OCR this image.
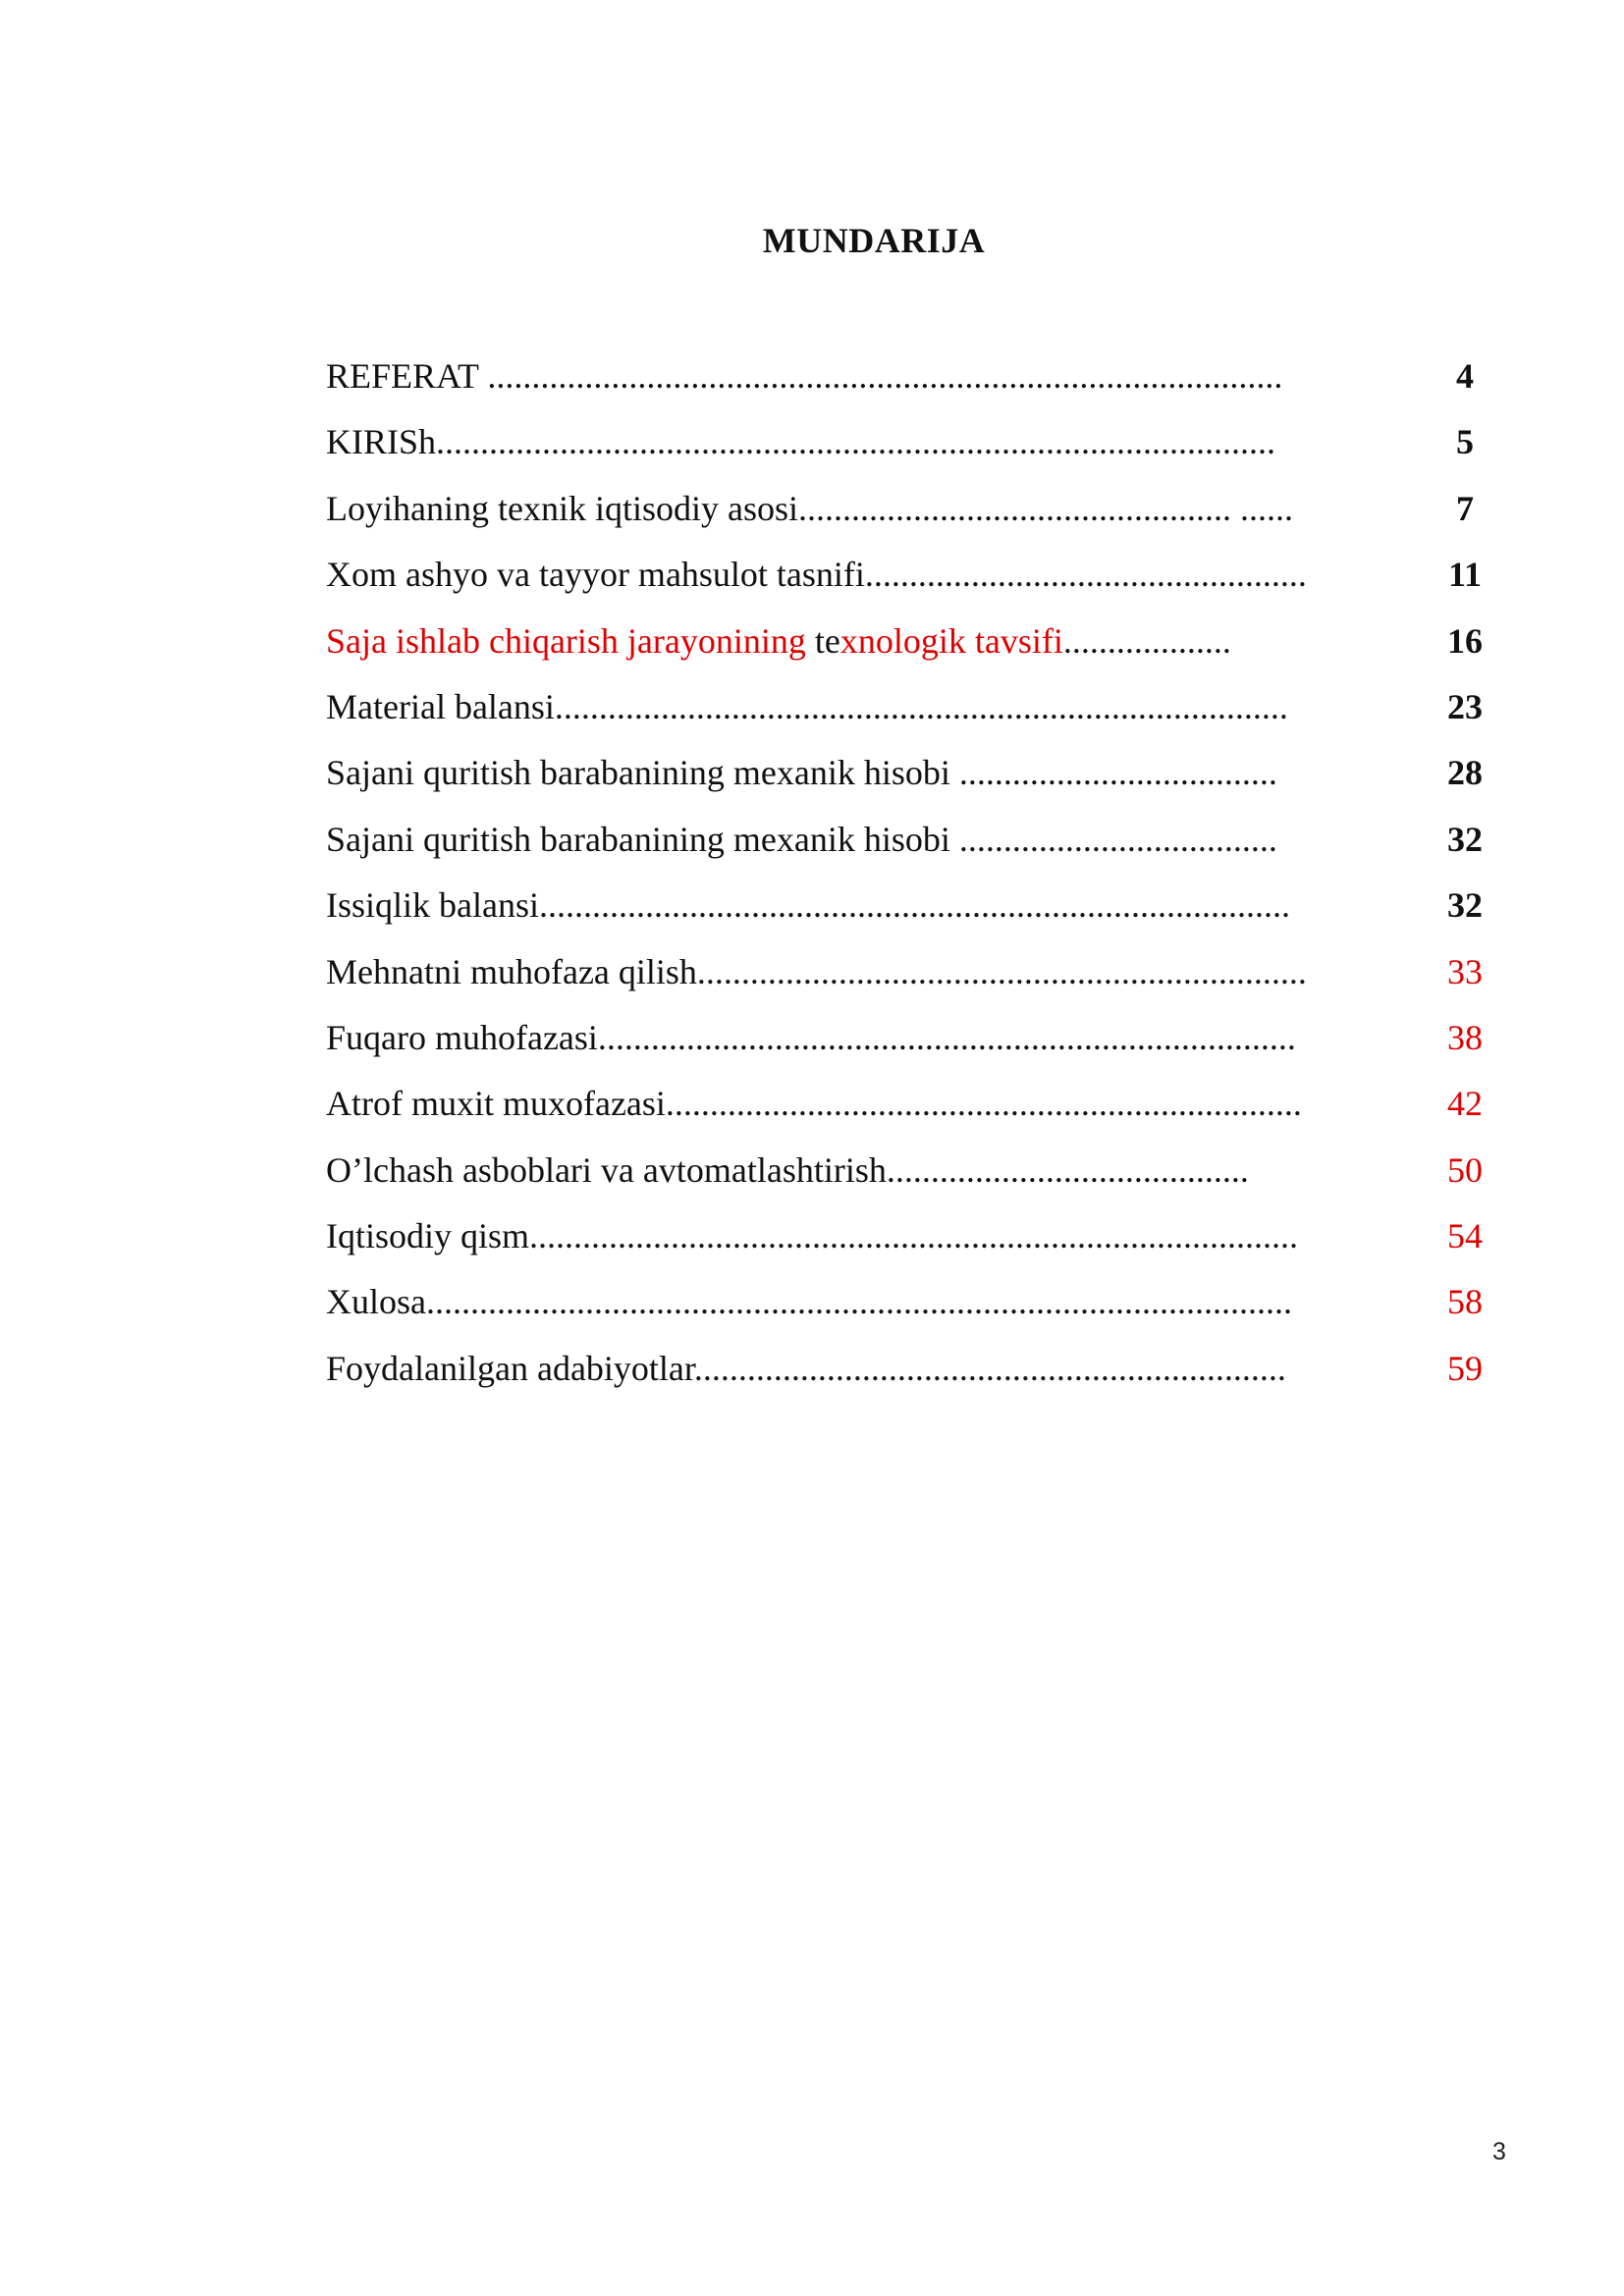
MUNDARIJA
REFERAT ..........................................................................................	4
KIRISh...............................................................................................	5
Loyihaning texnik iqtisodiy asosi................................................. ......	7
Xom ashyo va tayyor mahsulot tasnifi..................................................	11
Saja ishlab chiqarish jarayonining texnologik tavsifi...................	16
Material balansi...................................................................................	23
Sajani quritish barabanining mexanik hisobi ....................................	28
Sajani quritish barabanining mexanik hisobi ....................................	32
Issiqlik balansi.....................................................................................	32
Mehnatni muhofaza qilish.....................................................................	33
Fuqaro muhofazasi...............................................................................	38
Atrof muxit muxofazasi........................................................................	42
O’lchash asboblari va avtomatlashtirish.........................................	50
Iqtisodiy qism.......................................................................................	54
Xulosa..................................................................................................	58
Foydalanilgan adabiyotlar...................................................................	59
3
